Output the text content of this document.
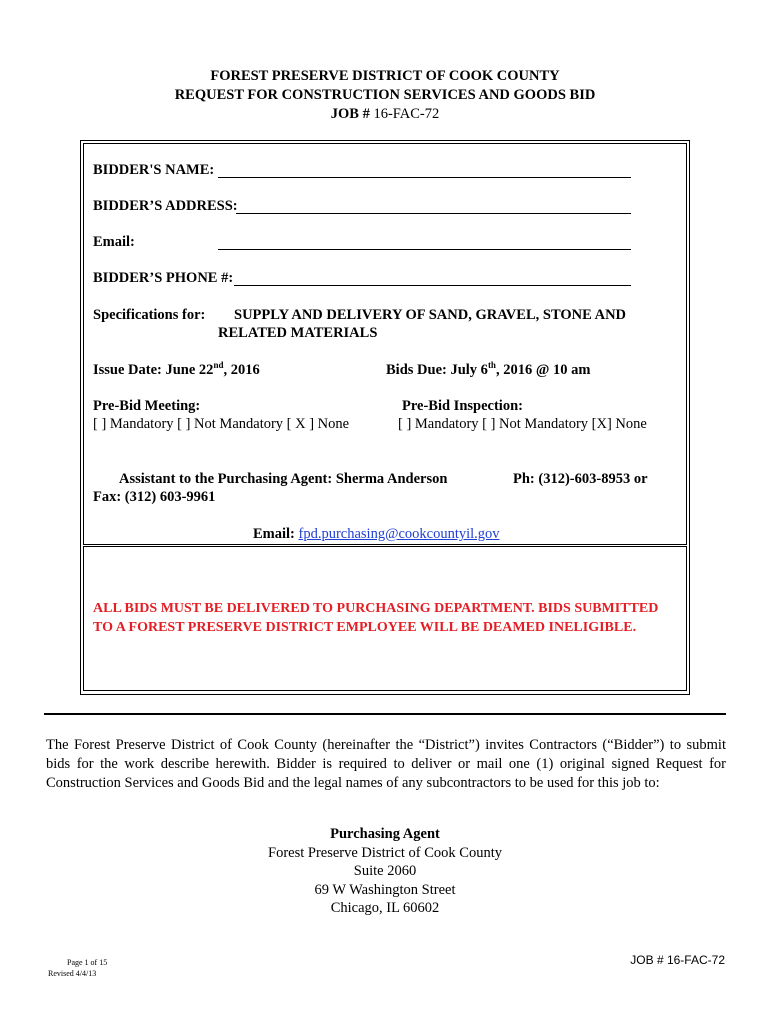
FOREST PRESERVE DISTRICT OF COOK COUNTY
REQUEST FOR CONSTRUCTION SERVICES AND GOODS BID
JOB # 16-FAC-72
BIDDER'S NAME:
BIDDER’S ADDRESS:
Email:
BIDDER’S PHONE #:
Specifications for: SUPPLY AND DELIVERY OF SAND, GRAVEL, STONE AND
RELATED MATERIALS
Issue Date: June 22nd, 2016	Bids Due: July 6th, 2016 @ 10 am
Pre-Bid Meeting:
[ ] Mandatory [ ] Not Mandatory [ X ] None
Pre-Bid Inspection:
[ ] Mandatory [ ] Not Mandatory [X] None
Assistant to the Purchasing Agent: Sherma Anderson	Ph: (312)-603-8953 or
Fax: (312) 603-9961
Email: fpd.purchasing@cookcountyil.gov
ALL BIDS MUST BE DELIVERED TO PURCHASING DEPARTMENT. BIDS SUBMITTED
TO A FOREST PRESERVE DISTRICT EMPLOYEE WILL BE DEAMED INELIGIBLE.
The Forest Preserve District of Cook County (hereinafter the “District”) invites Contractors (“Bidder”) to submit bids for the work describe herewith. Bidder is required to deliver or mail one (1) original signed Request for Construction Services and Goods Bid and the legal names of any subcontractors to be used for this job to:
Purchasing Agent
Forest Preserve District of Cook County
Suite 2060
69 W Washington Street
Chicago, IL 60602
Page 1 of 15
Revised 4/4/13
JOB # 16-FAC-72
